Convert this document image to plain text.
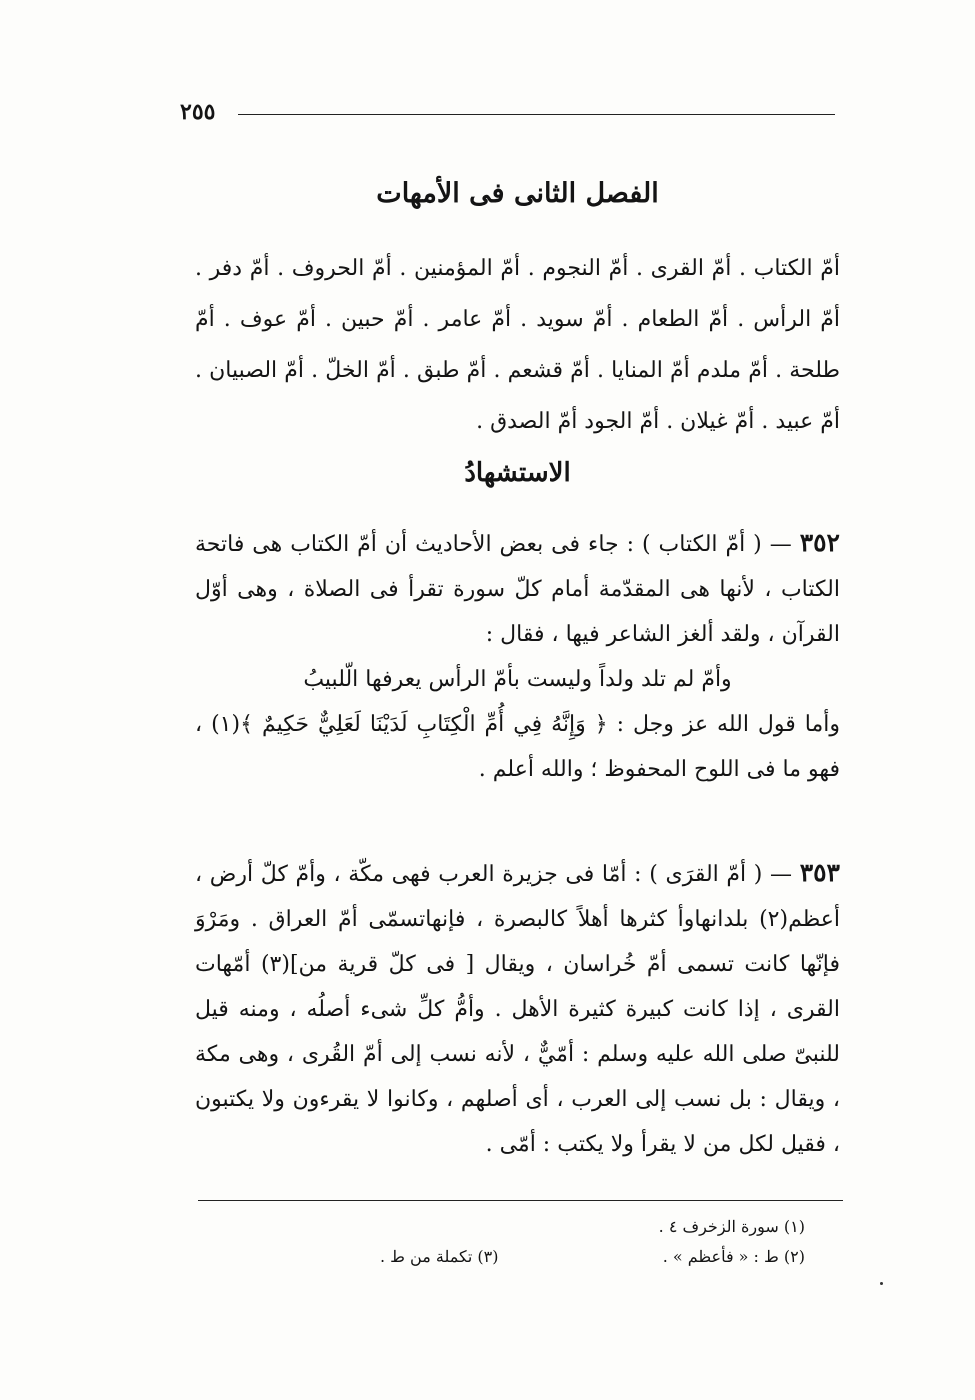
٢٥٥
الفصل الثانى فى الأمهات
أمّ الكتاب . أمّ القرى . أمّ النجوم . أمّ المؤمنين . أمّ الحروف . أمّ دفر . أمّ الرأس . أمّ الطعام . أمّ سويد . أمّ عامر . أمّ حبين . أمّ عوف . أمّ طلحة . أمّ ملدم أمّ المنايا . أمّ قشعم . أمّ طبق . أمّ الخلّ . أمّ الصبيان . أمّ عبيد . أمّ غيلان . أمّ الجود أمّ الصدق .
الاستشهادُ
٣٥٢ — ( أمّ الكتاب ) : جاء فى بعض الأحاديث أن أمّ الكتاب هى فاتحة الكتاب ، لأنها هى المقدّمة أمام كلّ سورة تقرأ فى الصلاة ، وهى أوّل القرآن ، ولقد ألغز الشاعر فيها ، فقال :
وأمّ لم تلد ولداً وليست بأمّ الرأس يعرفها الّلبيبُ
وأما قول الله عز وجل : ﴿ وَإِنَّهُ فِي أُمِّ الْكِتَابِ لَدَيْنَا لَعَلِيٌّ حَكِيمٌ ﴾(١) ، فهو ما فى اللوح المحفوظ ؛ والله أعلم .
٣٥٣ — ( أمّ القرَى ) : أمّا فى جزيرة العرب فهى مكّة ، وأمّ كلّ أرض ، أعظم(٢) بلدانهاوأ كثرها أهلاً كالبصرة ، فإنهاتسمّى أمّ العراق . ومَرْوَ فإنّها كانت تسمى أمّ خُراسان ، ويقال [ فى كلّ قرية من](٣) أمّهات القرى ، إذا كانت كبيرة كثيرة الأهل . وأمُّ كلِّ شىء أصلُه ، ومنه قيل للنبىّ صلى الله عليه وسلم : أمّيٌّ ، لأنه نسب إلى أمّ القُرى ، وهى مكة ، ويقال : بل نسب إلى العرب ، أى أصلهم ، وكانوا لا يقرءون ولا يكتبون ، فقيل لكل من لا يقرأ ولا يكتب : أمّى .
(١) سورة الزخرف ٤ .
(٢) ط : « فأعظم » .
(٣) تكملة من ط .
